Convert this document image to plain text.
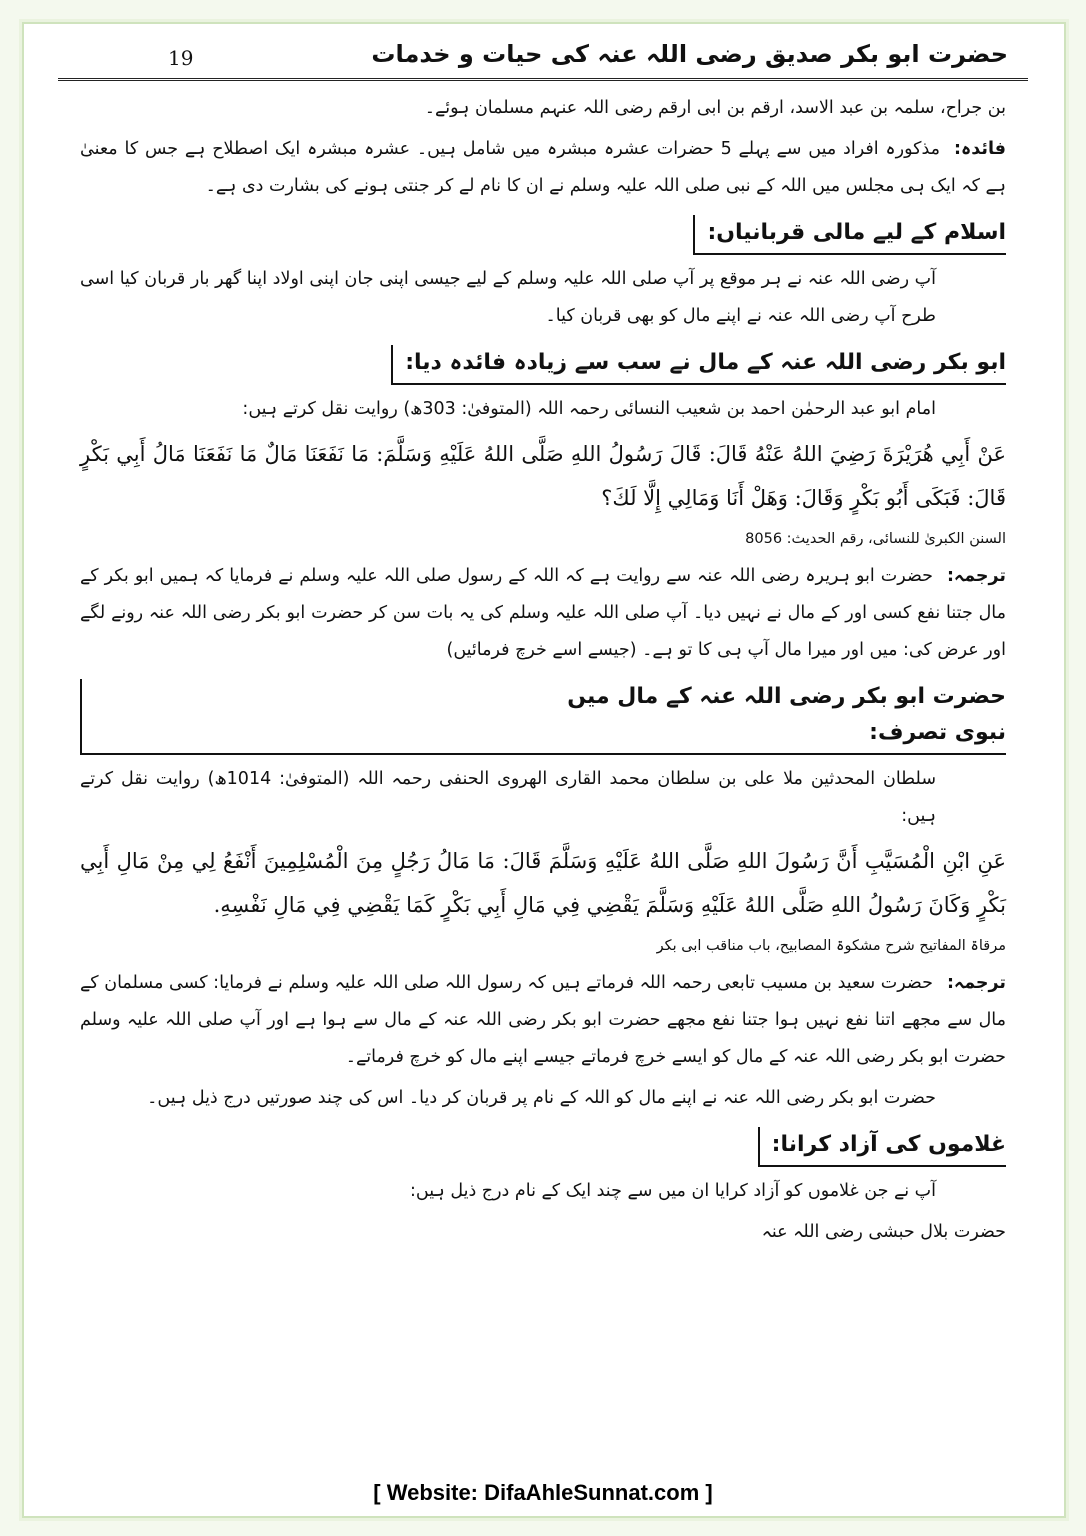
حضرت ابو بکر صدیق رضی اللہ عنہ کی حیات و خدمات
19

بن جراح، سلمہ بن عبد الاسد، ارقم بن ابی ارقم رضی اللہ عنہم مسلمان ہوئے۔

فائدہ:مذکورہ افراد میں سے پہلے 5 حضرات عشرہ مبشرہ میں شامل ہیں۔ عشرہ مبشرہ ایک اصطلاح ہے جس کا معنیٰ ہے کہ ایک ہی مجلس میں اللہ کے نبی صلی اللہ علیہ وسلم نے ان کا نام لے کر جنتی ہونے کی بشارت دی ہے۔

اسلام کے لیے مالی قربانیاں:

آپ رضی اللہ عنہ نے ہر موقع پر آپ صلی اللہ علیہ وسلم کے لیے جیسی اپنی جان اپنی اولاد اپنا گھر بار قربان کیا اسی طرح آپ رضی اللہ عنہ نے اپنے مال کو بھی قربان کیا۔

ابو بکر رضی اللہ عنہ کے مال نے سب سے زیادہ فائدہ دیا:

امام ابو عبد الرحمٰن احمد بن شعیب النسائی رحمہ اللہ (المتوفیٰ: 303ھ) روایت نقل کرتے ہیں:

عَنْ أَبِي هُرَيْرَةَ رَضِيَ اللهُ عَنْهُ قَالَ: قَالَ رَسُولُ اللهِ صَلَّى اللهُ عَلَيْهِ وَسَلَّمَ: مَا نَفَعَنَا مَالٌ مَا نَفَعَنَا مَالُ أَبِي بَكْرٍ قَالَ: فَبَكَى أَبُو بَكْرٍ وَقَالَ: وَهَلْ أَنَا وَمَالِي إِلَّا لَكَ؟

السنن الکبریٰ للنسائی، رقم الحدیث: 8056

ترجمہ:حضرت ابو ہریرہ رضی اللہ عنہ سے روایت ہے کہ اللہ کے رسول صلی اللہ علیہ وسلم نے فرمایا کہ ہمیں ابو بکر کے مال جتنا نفع کسی اور کے مال نے نہیں دیا۔ آپ صلی اللہ علیہ وسلم کی یہ بات سن کر حضرت ابو بکر رضی اللہ عنہ رونے لگے اور عرض کی: میں اور میرا مال آپ ہی کا تو ہے۔ (جیسے اسے خرچ فرمائیں)

حضرت ابو بکر رضی اللہ عنہ کے مال میں نبوی تصرف:

سلطان المحدثین ملا علی بن سلطان محمد القاری الھروی الحنفی رحمہ اللہ (المتوفیٰ: 1014ھ) روایت نقل کرتے ہیں:

عَنِ ابْنِ الْمُسَيَّبِ أَنَّ رَسُولَ اللهِ صَلَّى اللهُ عَلَيْهِ وَسَلَّمَ قَالَ: مَا مَالُ رَجُلٍ مِنَ الْمُسْلِمِينَ أَنْفَعُ لِي مِنْ مَالِ أَبِي بَكْرٍ وَكَانَ رَسُولُ اللهِ صَلَّى اللهُ عَلَيْهِ وَسَلَّمَ يَقْضِي فِي مَالِ أَبِي بَكْرٍ كَمَا يَقْضِي فِي مَالِ نَفْسِهِ.

مرقاۃ المفاتیح شرح مشکوۃ المصابیح، باب مناقب ابی بکر

ترجمہ:حضرت سعید بن مسیب تابعی رحمہ اللہ فرماتے ہیں کہ رسول اللہ صلی اللہ علیہ وسلم نے فرمایا: کسی مسلمان کے مال سے مجھے اتنا نفع نہیں ہوا جتنا نفع مجھے حضرت ابو بکر رضی اللہ عنہ کے مال سے ہوا ہے اور آپ صلی اللہ علیہ وسلم حضرت ابو بکر رضی اللہ عنہ کے مال کو ایسے خرچ فرماتے جیسے اپنے مال کو خرچ فرماتے۔

حضرت ابو بکر رضی اللہ عنہ نے اپنے مال کو اللہ کے نام پر قربان کر دیا۔ اس کی چند صورتیں درج ذیل ہیں۔

غلاموں کی آزاد کرانا:

آپ نے جن غلاموں کو آزاد کرایا ان میں سے چند ایک کے نام درج ذیل ہیں:

حضرت بلال حبشی رضی اللہ عنہ

[ Website: DifaAhleSunnat.com ]
